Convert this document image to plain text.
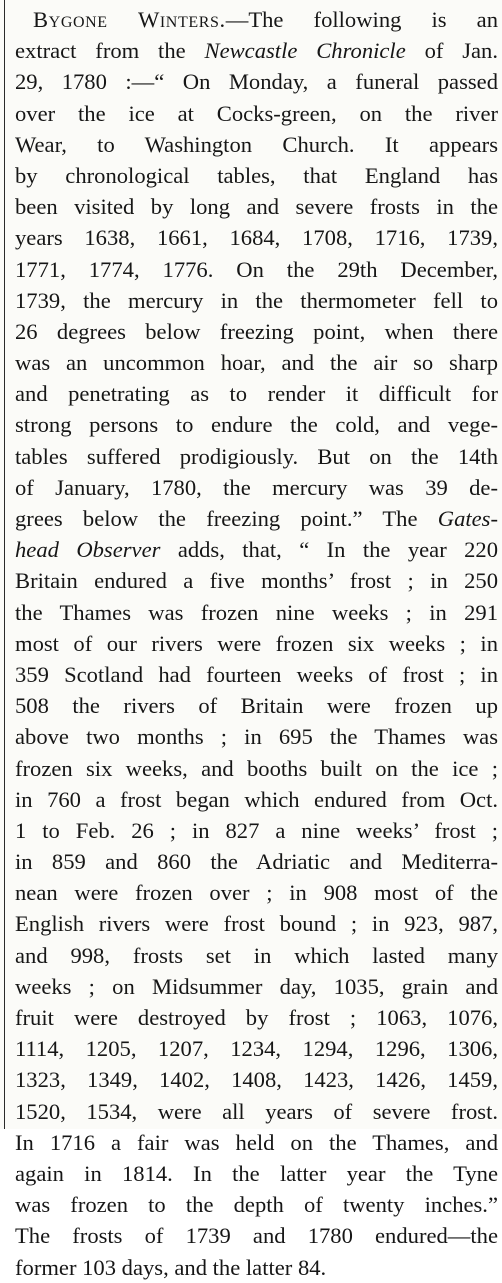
Bygone Winters.—The following is an
extract from the Newcastle Chronicle of Jan.
29, 1780 :—“ On Monday, a funeral passed
over the ice at Cocks-green, on the river
Wear, to Washington Church. It appears
by chronological tables, that England has
been visited by long and severe frosts in the
years 1638, 1661, 1684, 1708, 1716, 1739,
1771, 1774, 1776. On the 29th December,
1739, the mercury in the thermometer fell to
26 degrees below freezing point, when there
was an uncommon hoar, and the air so sharp
and penetrating as to render it difficult for
strong persons to endure the cold, and vege-
tables suffered prodigiously. But on the 14th
of January, 1780, the mercury was 39 de-
grees below the freezing point.” The Gates-
head Observer adds, that, “ In the year 220
Britain endured a five months’ frost ; in 250
the Thames was frozen nine weeks ; in 291
most of our rivers were frozen six weeks ; in
359 Scotland had fourteen weeks of frost ; in
508 the rivers of Britain were frozen up
above two months ; in 695 the Thames was
frozen six weeks, and booths built on the ice ;
in 760 a frost began which endured from Oct.
1 to Feb. 26 ; in 827 a nine weeks’ frost ;
in 859 and 860 the Adriatic and Mediterra-
nean were frozen over ; in 908 most of the
English rivers were frost bound ; in 923, 987,
and 998, frosts set in which lasted many
weeks ; on Midsummer day, 1035, grain and
fruit were destroyed by frost ; 1063, 1076,
1114, 1205, 1207, 1234, 1294, 1296, 1306,
1323, 1349, 1402, 1408, 1423, 1426, 1459,
1520, 1534, were all years of severe frost.
In 1716 a fair was held on the Thames, and
again in 1814. In the latter year the Tyne
was frozen to the depth of twenty inches.”
The frosts of 1739 and 1780 endured—the
former 103 days, and the latter 84.
